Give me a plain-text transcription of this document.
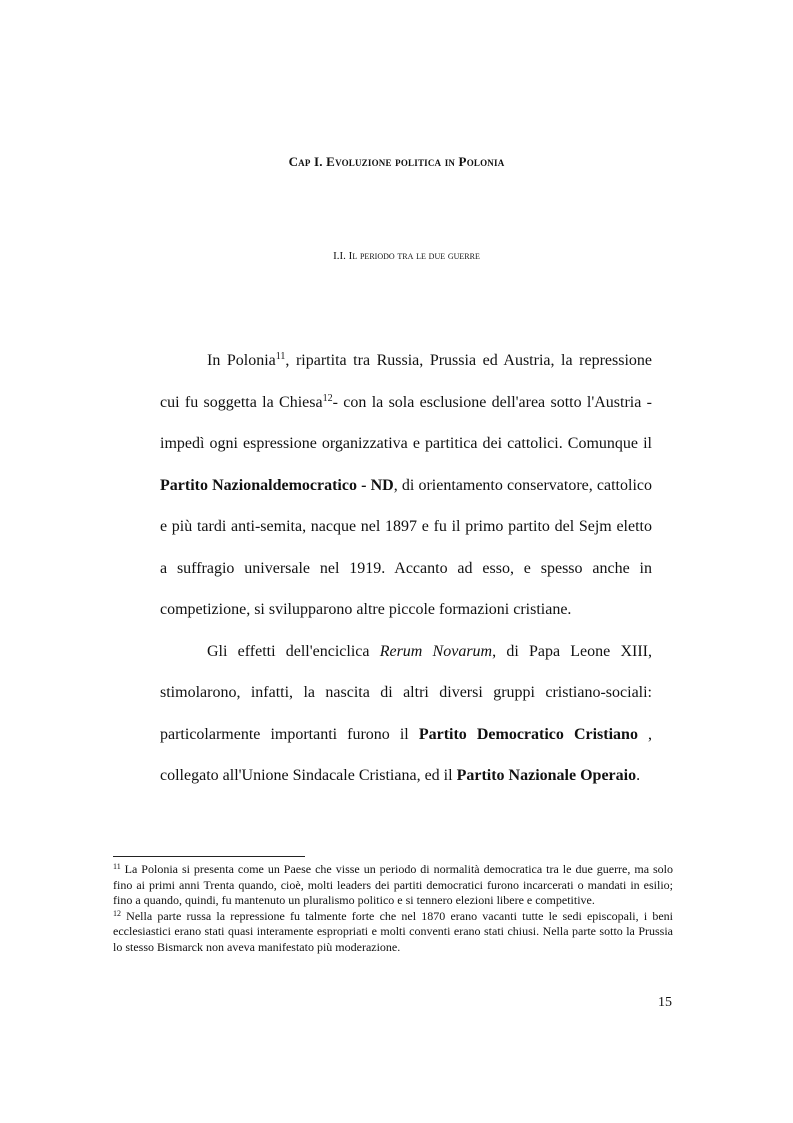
Cap I. Evoluzione politica in Polonia
I.I. Il periodo tra le due guerre

In Polonia$^{11}$, ripartita tra Russia, Prussia ed Austria, la repressione cui fu soggetta la Chiesa$^{12}$- con la sola esclusione dell'area sotto l'Austria - impedì ogni espressione organizzativa e partitica dei cattolici. Comunque il Partito Nazionaldemocratico - ND, di orientamento conservatore, cattolico e più tardi anti-semita, nacque nel 1897 e fu il primo partito del Sejm eletto a suffragio universale nel 1919. Accanto ad esso, e spesso anche in competizione, si svilupparono altre piccole formazioni cristiane.

Gli effetti dell'enciclica Rerum Novarum, di Papa Leone XIII, stimolarono, infatti, la nascita di altri diversi gruppi cristiano-sociali: particolarmente importanti furono il Partito Democratico Cristiano , collegato all'Unione Sindacale Cristiana, ed il Partito Nazionale Operaio.

$^{11}$ La Polonia si presenta come un Paese che visse un periodo di normalità democratica tra le due guerre, ma solo fino ai primi anni Trenta quando, cioè, molti leaders dei partiti democratici furono incarcerati o mandati in esilio; fino a quando, quindi, fu mantenuto un pluralismo politico e si tennero elezioni libere e competitive.

$^{12}$ Nella parte russa la repressione fu talmente forte che nel 1870 erano vacanti tutte le sedi episcopali, i beni ecclesiastici erano stati quasi interamente espropriati e molti conventi erano stati chiusi. Nella parte sotto la Prussia lo stesso Bismarck non aveva manifestato più moderazione.

15
